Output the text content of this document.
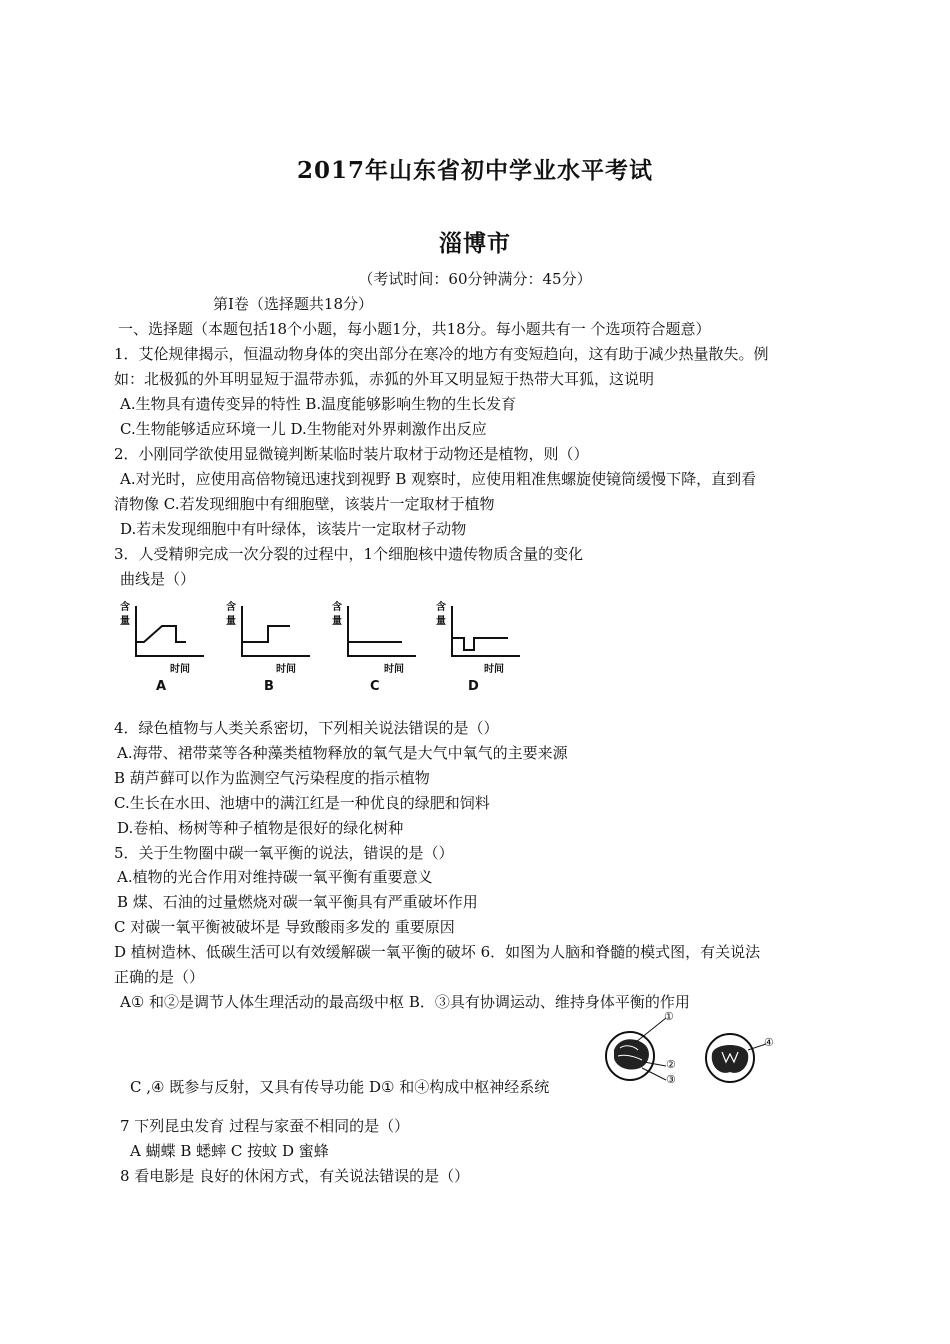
2017年山东省初中学业水平考试
淄博市
（考试时间：60分钟满分：45分）
第Ⅰ卷（选择题共18分）
一、选择题（本题包括18个小题，每小题1分，共18分。每小题共有一 个选项符合题意）
1．艾伦规律揭示，恒温动物身体的突出部分在寒冷的地方有变短趋向，这有助于减少热量散失。例
如：北极狐的外耳明显短于温带赤狐，赤狐的外耳又明显短于热带大耳狐，这说明
A.生物具有遗传变异的特性 B.温度能够影响生物的生长发育
C.生物能够适应环境一儿 D.生物能对外界刺激作出反应
2．小刚同学欲使用显微镜判断某临时装片取材于动物还是植物，则（）
A.对光时，应使用高倍物镜迅速找到视野 B 观察时，应使用粗准焦螺旋使镜筒缓慢下降，直到看
清物像 C.若发现细胞中有细胞壁，该装片一定取材于植物
D.若未发现细胞中有叶绿体，该装片一定取材子动物
3．人受精卵完成一次分裂的过程中，1个细胞核中遗传物质含量的变化
曲线是（）
含
量
时间
A
含
量
时间
B
含
量
时间
C
含
量
时间
D
4．绿色植物与人类关系密切，下列相关说法错误的是（）
A.海带、裙带菜等各种藻类植物释放的氧气是大气中氧气的主要来源
B 葫芦藓可以作为监测空气污染程度的指示植物
C.生长在水田、池塘中的满江红是一种优良的绿肥和饲料
D.卷柏、杨树等种子植物是很好的绿化树种
5．关于生物圈中碳一氧平衡的说法，错误的是（）
A.植物的光合作用对维持碳一氧平衡有重要意义
B 煤、石油的过量燃烧对碳一氧平衡具有严重破坏作用
C 对碳一氧平衡被破坏是 导致酸雨多发的 重要原因
D 植树造林、低碳生活可以有效缓解碳一氧平衡的破坏 6．如图为人脑和脊髓的模式图，有关说法
正确的是（）
A① 和②是调节人体生理活动的最高级中枢 B．③具有协调运动、维持身体平衡的作用
①
②
③
④
C ,④ 既参与反射，又具有传导功能 D① 和④构成中枢神经系统
7 下列昆虫发育 过程与家蚕不相同的是（）
A 蝴蝶 B 蟋蟀 C 按蚊 D 蜜蜂
8 看电影是 良好的休闲方式，有关说法错误的是（）
